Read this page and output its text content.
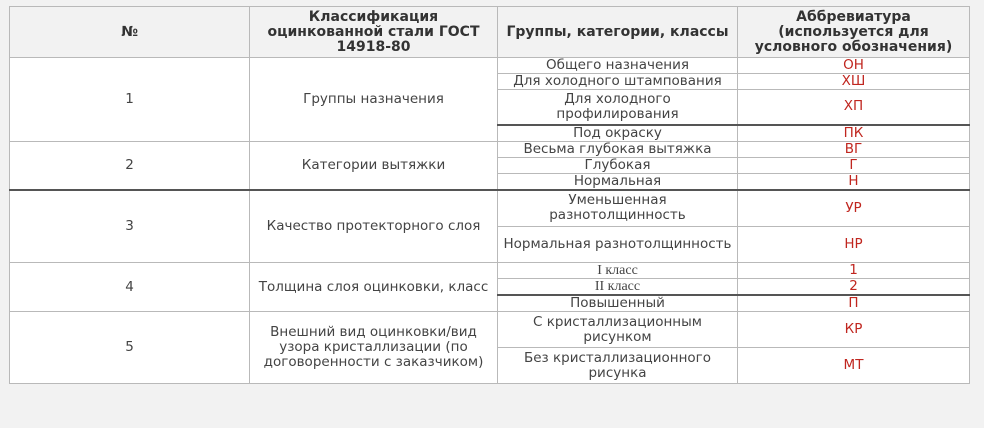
№	Классификация оцинкованной стали ГОСТ 14918-80	Группы, категории, классы	Аббревиатура (используется для условного обозначения)
1	Группы назначения	Общего назначения	ОН
		Для холодного штампования	ХШ
		Для холодного профилирования	ХП
		Под окраску	ПК
2	Категории вытяжки	Весьма глубокая вытяжка	ВГ
		Глубокая	Г
		Нормальная	Н
3	Качество протекторного слоя	Уменьшенная разнотолщинность	УР
		Нормальная разнотолщинность	НР
4	Толщина слоя оцинковки, класс	I класс	1
		II класс	2
		Повышенный	П
5	Внешний вид оцинковки/вид узора кристаллизации (по договоренности с заказчиком)	С кристаллизационным рисунком	КР
		Без кристаллизационного рисунка	МТ
